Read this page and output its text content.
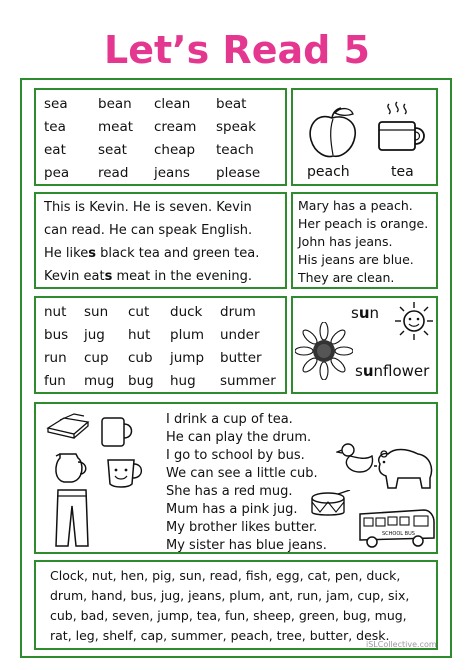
Let’s Read 5
sea bean clean beat
tea meat cream speak
eat seat cheap teach
pea read jeans please	peach	tea
This is Kevin. He is seven. Kevin
can read. He can speak English.
He likes black tea and green tea.
Kevin eats meat in the evening.
Mary has a peach.
Her peach is orange.
John has jeans.
His jeans are blue.
They are clean.
nut sun cut duck drum
bus jug hut plum under
run cup cub jump butter
fun mug bug hug summer
sun
sunflower
I drink a cup of tea.
He can play the drum.
I go to school by bus.
We can see a little cub.
She has a red mug.
Mum has a pink jug.
My brother likes butter.
My sister has blue jeans.
SCHOOL BUS
Clock, nut, hen, pig, sun, read, fish, egg, cat, pen, duck,
drum, hand, bus, jug, jeans, plum, ant, run, jam, cup, six,
cub, bad, seven, jump, tea, fun, sheep, green, bug, mug,
rat, leg, shelf, cap, summer, peach, tree, butter, desk.
iSLCollective.com
